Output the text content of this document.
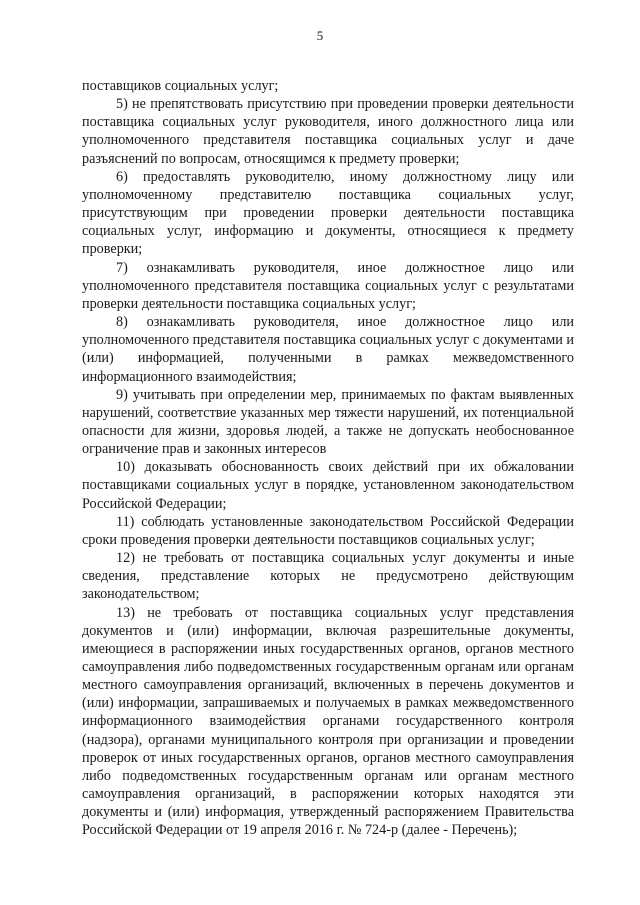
5

поставщиков социальных услуг;

5) не препятствовать присутствию при проведении проверки деятельности поставщика социальных услуг руководителя, иного должностного лица или уполномоченного представителя поставщика социальных услуг и даче разъяснений по вопросам, относящимся к предмету проверки;

6) предоставлять руководителю, иному должностному лицу или уполномоченному представителю поставщика социальных услуг, присутствующим при проведении проверки деятельности поставщика социальных услуг, информацию и документы, относящиеся к предмету проверки;

7) ознакамливать руководителя, иное должностное лицо или уполномоченного представителя поставщика социальных услуг с результатами проверки деятельности поставщика социальных услуг;

8) ознакамливать руководителя, иное должностное лицо или уполномоченного представителя поставщика социальных услуг с документами и (или) информацией, полученными в рамках межведомственного информационного взаимодействия;

9) учитывать при определении мер, принимаемых по фактам выявленных нарушений, соответствие указанных мер тяжести нарушений, их потенциальной опасности для жизни, здоровья людей, а также не допускать необоснованное ограничение прав и законных интересов

10) доказывать обоснованность своих действий при их обжаловании поставщиками социальных услуг в порядке, установленном законодательством Российской Федерации;

11) соблюдать установленные законодательством Российской Федерации сроки проведения проверки деятельности поставщиков социальных услуг;

12) не требовать от поставщика социальных услуг документы и иные сведения, представление которых не предусмотрено действующим законодательством;

13) не требовать от поставщика социальных услуг представления документов и (или) информации, включая разрешительные документы, имеющиеся в распоряжении иных государственных органов, органов местного самоуправления либо подведомственных государственным органам или органам местного самоуправления организаций, включенных в перечень документов и (или) информации, запрашиваемых и получаемых в рамках межведомственного информационного взаимодействия органами государственного контроля (надзора), органами муниципального контроля при организации и проведении проверок от иных государственных органов, органов местного самоуправления либо подведомственных государственным органам или органам местного самоуправления организаций, в распоряжении которых находятся эти документы и (или) информация, утвержденный распоряжением Правительства Российской Федерации от 19 апреля 2016 г. № 724-р (далее - Перечень);
